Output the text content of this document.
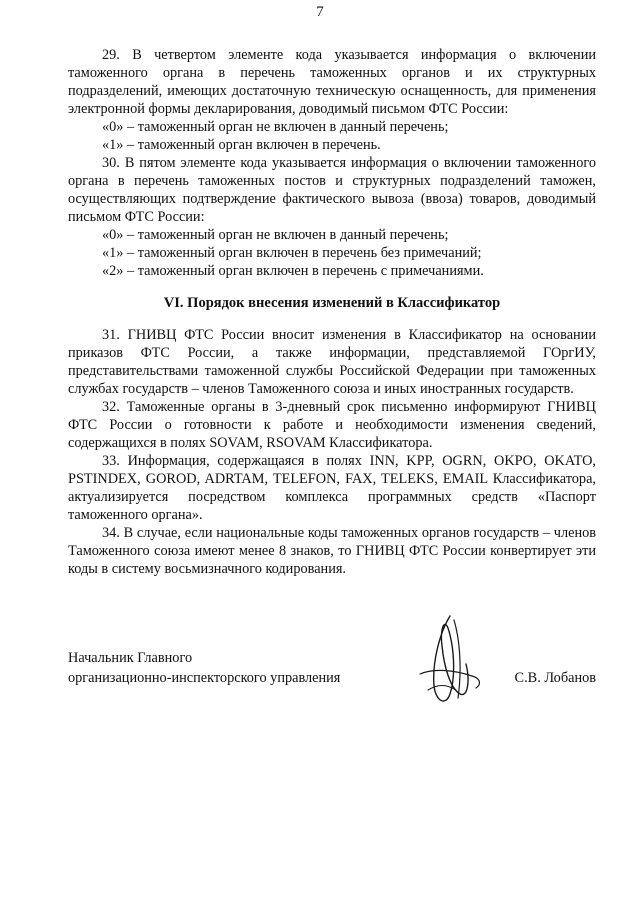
7

29. В четвертом элементе кода указывается информация о включении таможенного органа в перечень таможенных органов и их структурных подразделений, имеющих достаточную техническую оснащенность, для применения электронной формы декларирования, доводимый письмом ФТС России:

«0» – таможенный орган не включен в данный перечень;

«1» – таможенный орган включен в перечень.

30. В пятом элементе кода указывается информация о включении таможенного органа в перечень таможенных постов и структурных подразделений таможен, осуществляющих подтверждение фактического вывоза (ввоза) товаров, доводимый письмом ФТС России:

«0» – таможенный орган не включен в данный перечень;

«1» – таможенный орган включен в перечень без примечаний;

«2» – таможенный орган включен в перечень с примечаниями.

VI. Порядок внесения изменений в Классификатор

31. ГНИВЦ ФТС России вносит изменения в Классификатор на основании приказов ФТС России, а также информации, представляемой ГОргИУ, представительствами таможенной службы Российской Федерации при таможенных службах государств – членов Таможенного союза и иных иностранных государств.

32. Таможенные органы в 3-дневный срок письменно информируют ГНИВЦ ФТС России о готовности к работе и необходимости изменения сведений, содержащихся в полях SOVAM, RSOVAM Классификатора.

33. Информация, содержащаяся в полях INN, KPP, OGRN, OKPO, OKATO, PSTINDEX, GOROD, ADRTAM, TELEFON, FAX, TELEKS, EMAIL Классификатора, актуализируется посредством комплекса программных средств «Паспорт таможенного органа».

34. В случае, если национальные коды таможенных органов государств – членов Таможенного союза имеют менее 8 знаков, то ГНИВЦ ФТС России конвертирует эти коды в систему восьмизначного кодирования.

Начальник Главного
организационно-инспекторского управления	С.В. Лобанов
